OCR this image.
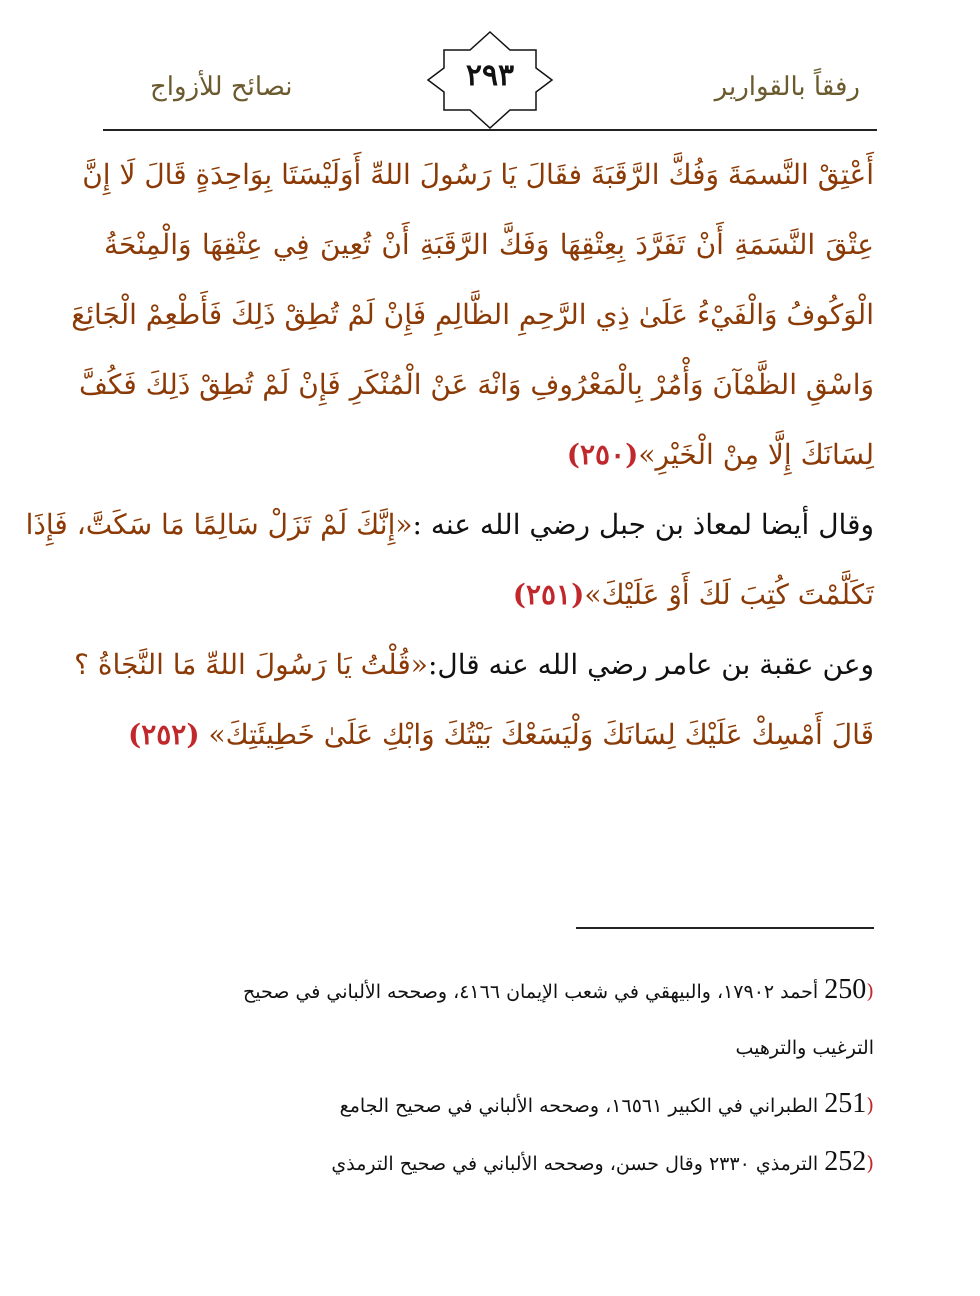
رفقاً بالقوارير
٢٩٣
نصائح للأزواج
أَعْتِقْ النَّسمَةَ وَفُكَّ الرَّقَبَةَ فقَالَ يَا رَسُولَ اللهِّ أَوَلَيْسَتَا بِوَاحِدَةٍ قَالَ لَا إِنَّ
عِتْقَ النَّسَمَةِ أَنْ تَفَرَّدَ بِعِتْقِهَا وَفَكَّ الرَّقَبَةِ أَنْ تُعِينَ فِي عِتْقِهَا وَالْمِنْحَةُ
الْوَكُوفُ وَالْفَيْءُ عَلَىٰ ذِي الرَّحِمِ الظَّالِمِ فَإِنْ لَمْ تُطِقْ ذَلِكَ فَأَطْعِمْ الْجَائِعَ
وَاسْقِ الظَّمْآنَ وَأْمُرْ بِالْمَعْرُوفِ وَانْهَ عَنْ الْمُنْكَرِ فَإِنْ لَمْ تُطِقْ ذَلِكَ فَكُفَّ
لِسَانَكَ إِلَّا مِنْ الْخَيْرِ»(٢٥٠)
وقال أيضا لمعاذ بن جبل رضي الله عنه :«إِنَّكَ لَمْ تَزَلْ سَالِمًا مَا سَكَتَّ، فَإِذَا
تَكَلَّمْتَ كُتِبَ لَكَ أَوْ عَلَيْكَ»(٢٥١)
وعن عقبة بن عامر رضي الله عنه قال:«قُلْتُ يَا رَسُولَ اللهِّ مَا النَّجَاةُ ؟
قَالَ أَمْسِكْ عَلَيْكَ لِسَانَكَ وَلْيَسَعْكَ بَيْتُكَ وَابْكِ عَلَىٰ خَطِيئَتِكَ» (٢٥٢)
(250 أحمد ١٧٩٠٢، والبيهقي في شعب الإيمان ٤١٦٦، وصححه الألباني في صحيح
الترغيب والترهيب
(251 الطبراني في الكبير ١٦٥٦١، وصححه الألباني في صحيح الجامع
(252 الترمذي ٢٣٣٠ وقال حسن، وصححه الألباني في صحيح الترمذي
